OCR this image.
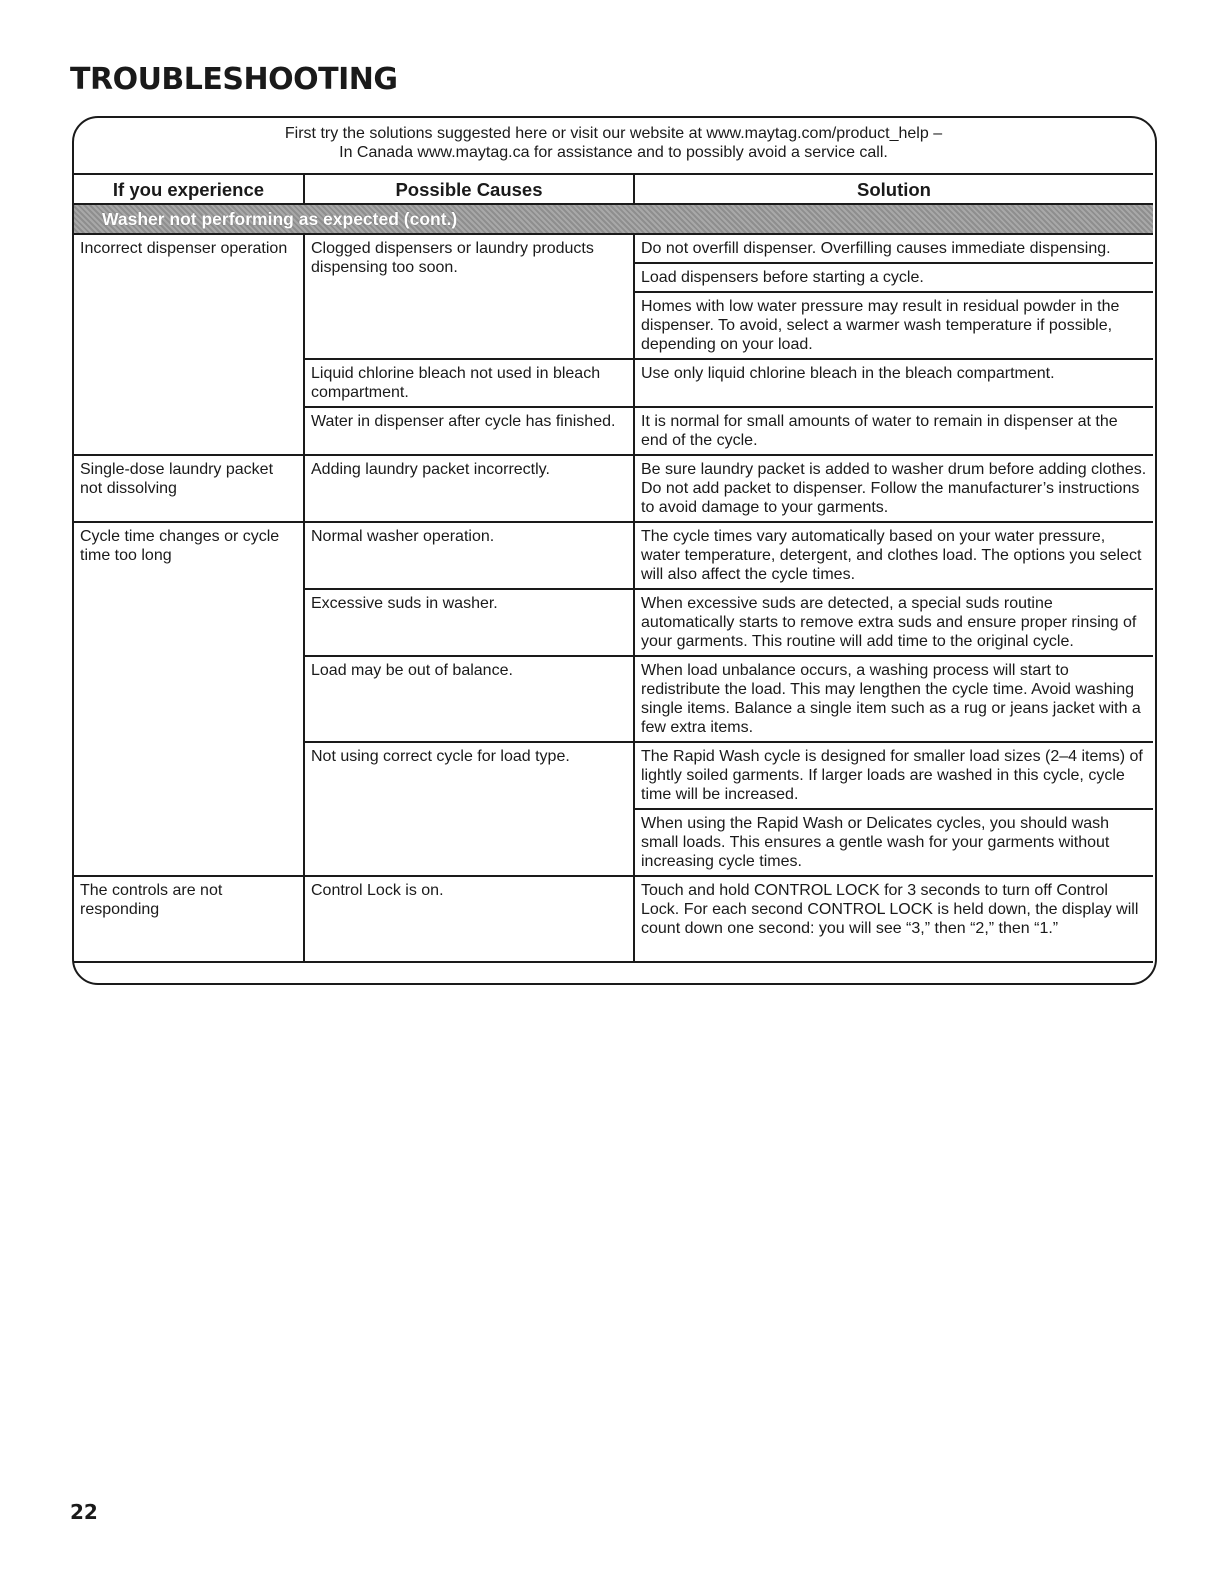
TROUBLESHOOTING
First try the solutions suggested here or visit our website at www.maytag.com/product_help –
In Canada www.maytag.ca for assistance and to possibly avoid a service call.
If you experience	Possible Causes	Solution
Washer not performing as expected (cont.)		
Incorrect dispenser operation	Clogged dispensers or laundry products dispensing too soon.	Do not overfill dispenser. Overfilling causes immediate dispensing.
		Load dispensers before starting a cycle.
		Homes with low water pressure may result in residual powder in the dispenser. To avoid, select a warmer wash temperature if possible, depending on your load.
	Liquid chlorine bleach not used in bleach compartment.	Use only liquid chlorine bleach in the bleach compartment.
	Water in dispenser after cycle has finished.	It is normal for small amounts of water to remain in dispenser at the end of the cycle.
Single-dose laundry packet not dissolving	Adding laundry packet incorrectly.	Be sure laundry packet is added to washer drum before adding clothes. Do not add packet to dispenser. Follow the manufacturer’s instructions to avoid damage to your garments.
Cycle time changes or cycle time too long	Normal washer operation.	The cycle times vary automatically based on your water pressure, water temperature, detergent, and clothes load. The options you select will also affect the cycle times.
	Excessive suds in washer.	When excessive suds are detected, a special suds routine automatically starts to remove extra suds and ensure proper rinsing of your garments. This routine will add time to the original cycle.
	Load may be out of balance.	When load unbalance occurs, a washing process will start to redistribute the load. This may lengthen the cycle time. Avoid washing single items. Balance a single item such as a rug or jeans jacket with a few extra items.
	Not using correct cycle for load type.	The Rapid Wash cycle is designed for smaller load sizes (2–4 items) of lightly soiled garments. If larger loads are washed in this cycle, cycle time will be increased.
		When using the Rapid Wash or Delicates cycles, you should wash small loads. This ensures a gentle wash for your garments without increasing cycle times.
The controls are not responding	Control Lock is on.	Touch and hold CONTROL LOCK for 3 seconds to turn off Control Lock. For each second CONTROL LOCK is held down, the display will count down one second: you will see “3,” then “2,” then “1.”
22
